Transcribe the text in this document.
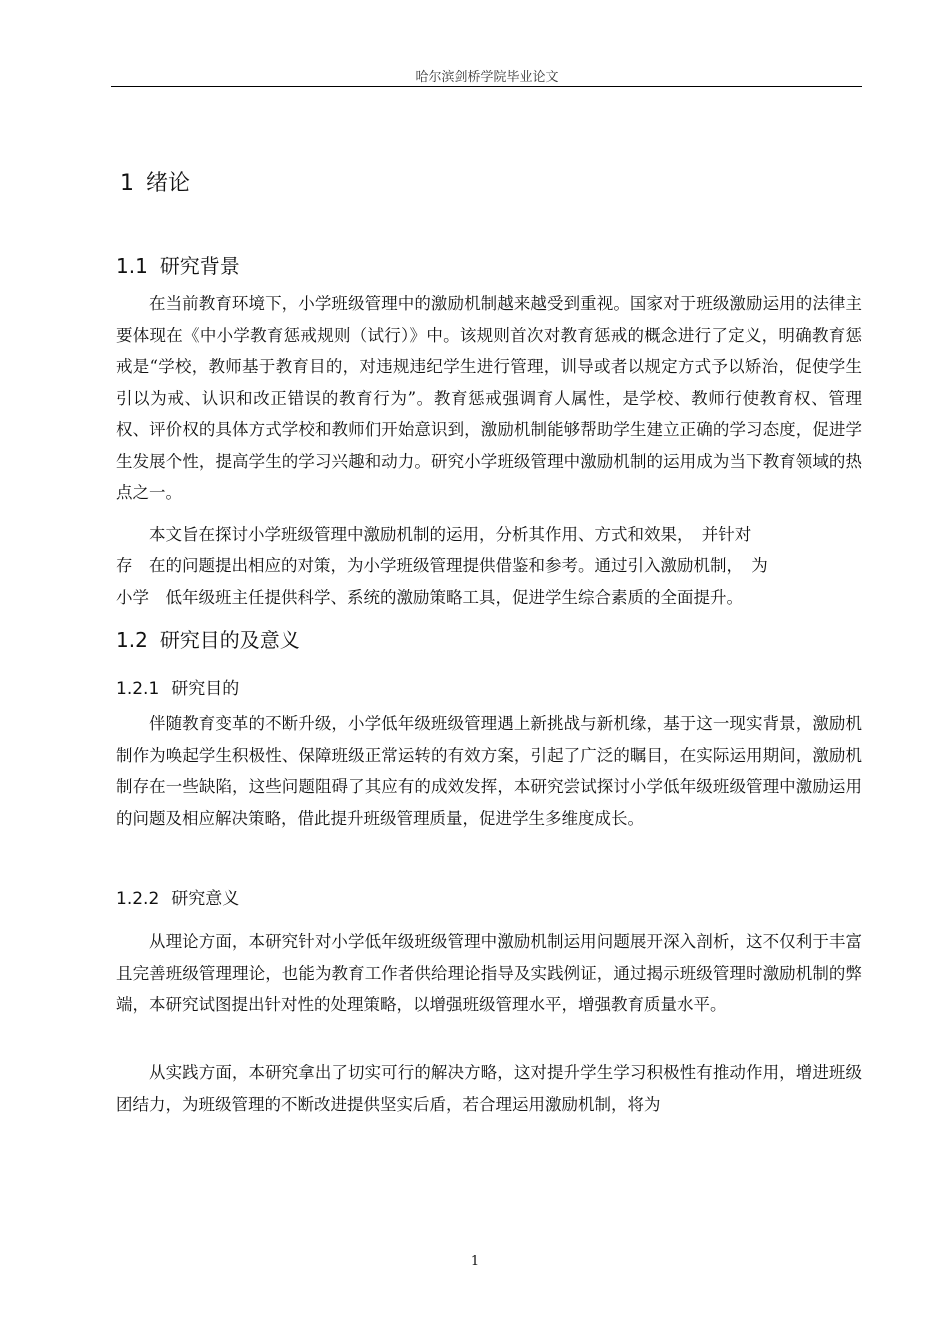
哈尔滨剑桥学院毕业论文
1 绪论
1.1 研究背景

在当前教育环境下，小学班级管理中的激励机制越来越受到重视。国家对于班级激励运用的法律主要体现在《中小学教育惩戒规则（试行）》中。该规则首次对教育惩戒的概念进行了定义，明确教育惩戒是“学校，教师基于教育目的，对违规违纪学生进行管理，训导或者以规定方式予以矫治，促使学生引以为戒、认识和改正错误的教育行为”。教育惩戒强调育人属性，是学校、教师行使教育权、管理权、评价权的具体方式学校和教师们开始意识到，激励机制能够帮助学生建立正确的学习态度，促进学生发展个性，提高学生的学习兴趣和动力。研究小学班级管理中激励机制的运用成为当下教育领域的热点之一。

本文旨在探讨小学班级管理中激励机制的运用，分析其作用、方式和效果，　并针对

存　在的问题提出相应的对策，为小学班级管理提供借鉴和参考。通过引入激励机制，　为

小学　低年级班主任提供科学、系统的激励策略工具，促进学生综合素质的全面提升。

1.2 研究目的及意义
1.2.1 研究目的

伴随教育变革的不断升级，小学低年级班级管理遇上新挑战与新机缘，基于这一现实背景，激励机制作为唤起学生积极性、保障班级正常运转的有效方案，引起了广泛的瞩目，在实际运用期间，激励机制存在一些缺陷，这些问题阻碍了其应有的成效发挥，本研究尝试探讨小学低年级班级管理中激励运用的问题及相应解决策略，借此提升班级管理质量，促进学生多维度成长。

1.2.2 研究意义

从理论方面，本研究针对小学低年级班级管理中激励机制运用问题展开深入剖析，这不仅利于丰富且完善班级管理理论，也能为教育工作者供给理论指导及实践例证，通过揭示班级管理时激励机制的弊端，本研究试图提出针对性的处理策略，以增强班级管理水平，增强教育质量水平。

从实践方面，本研究拿出了切实可行的解决方略，这对提升学生学习积极性有推动作用，增进班级团结力，为班级管理的不断改进提供坚实后盾，若合理运用激励机制，将为

1
